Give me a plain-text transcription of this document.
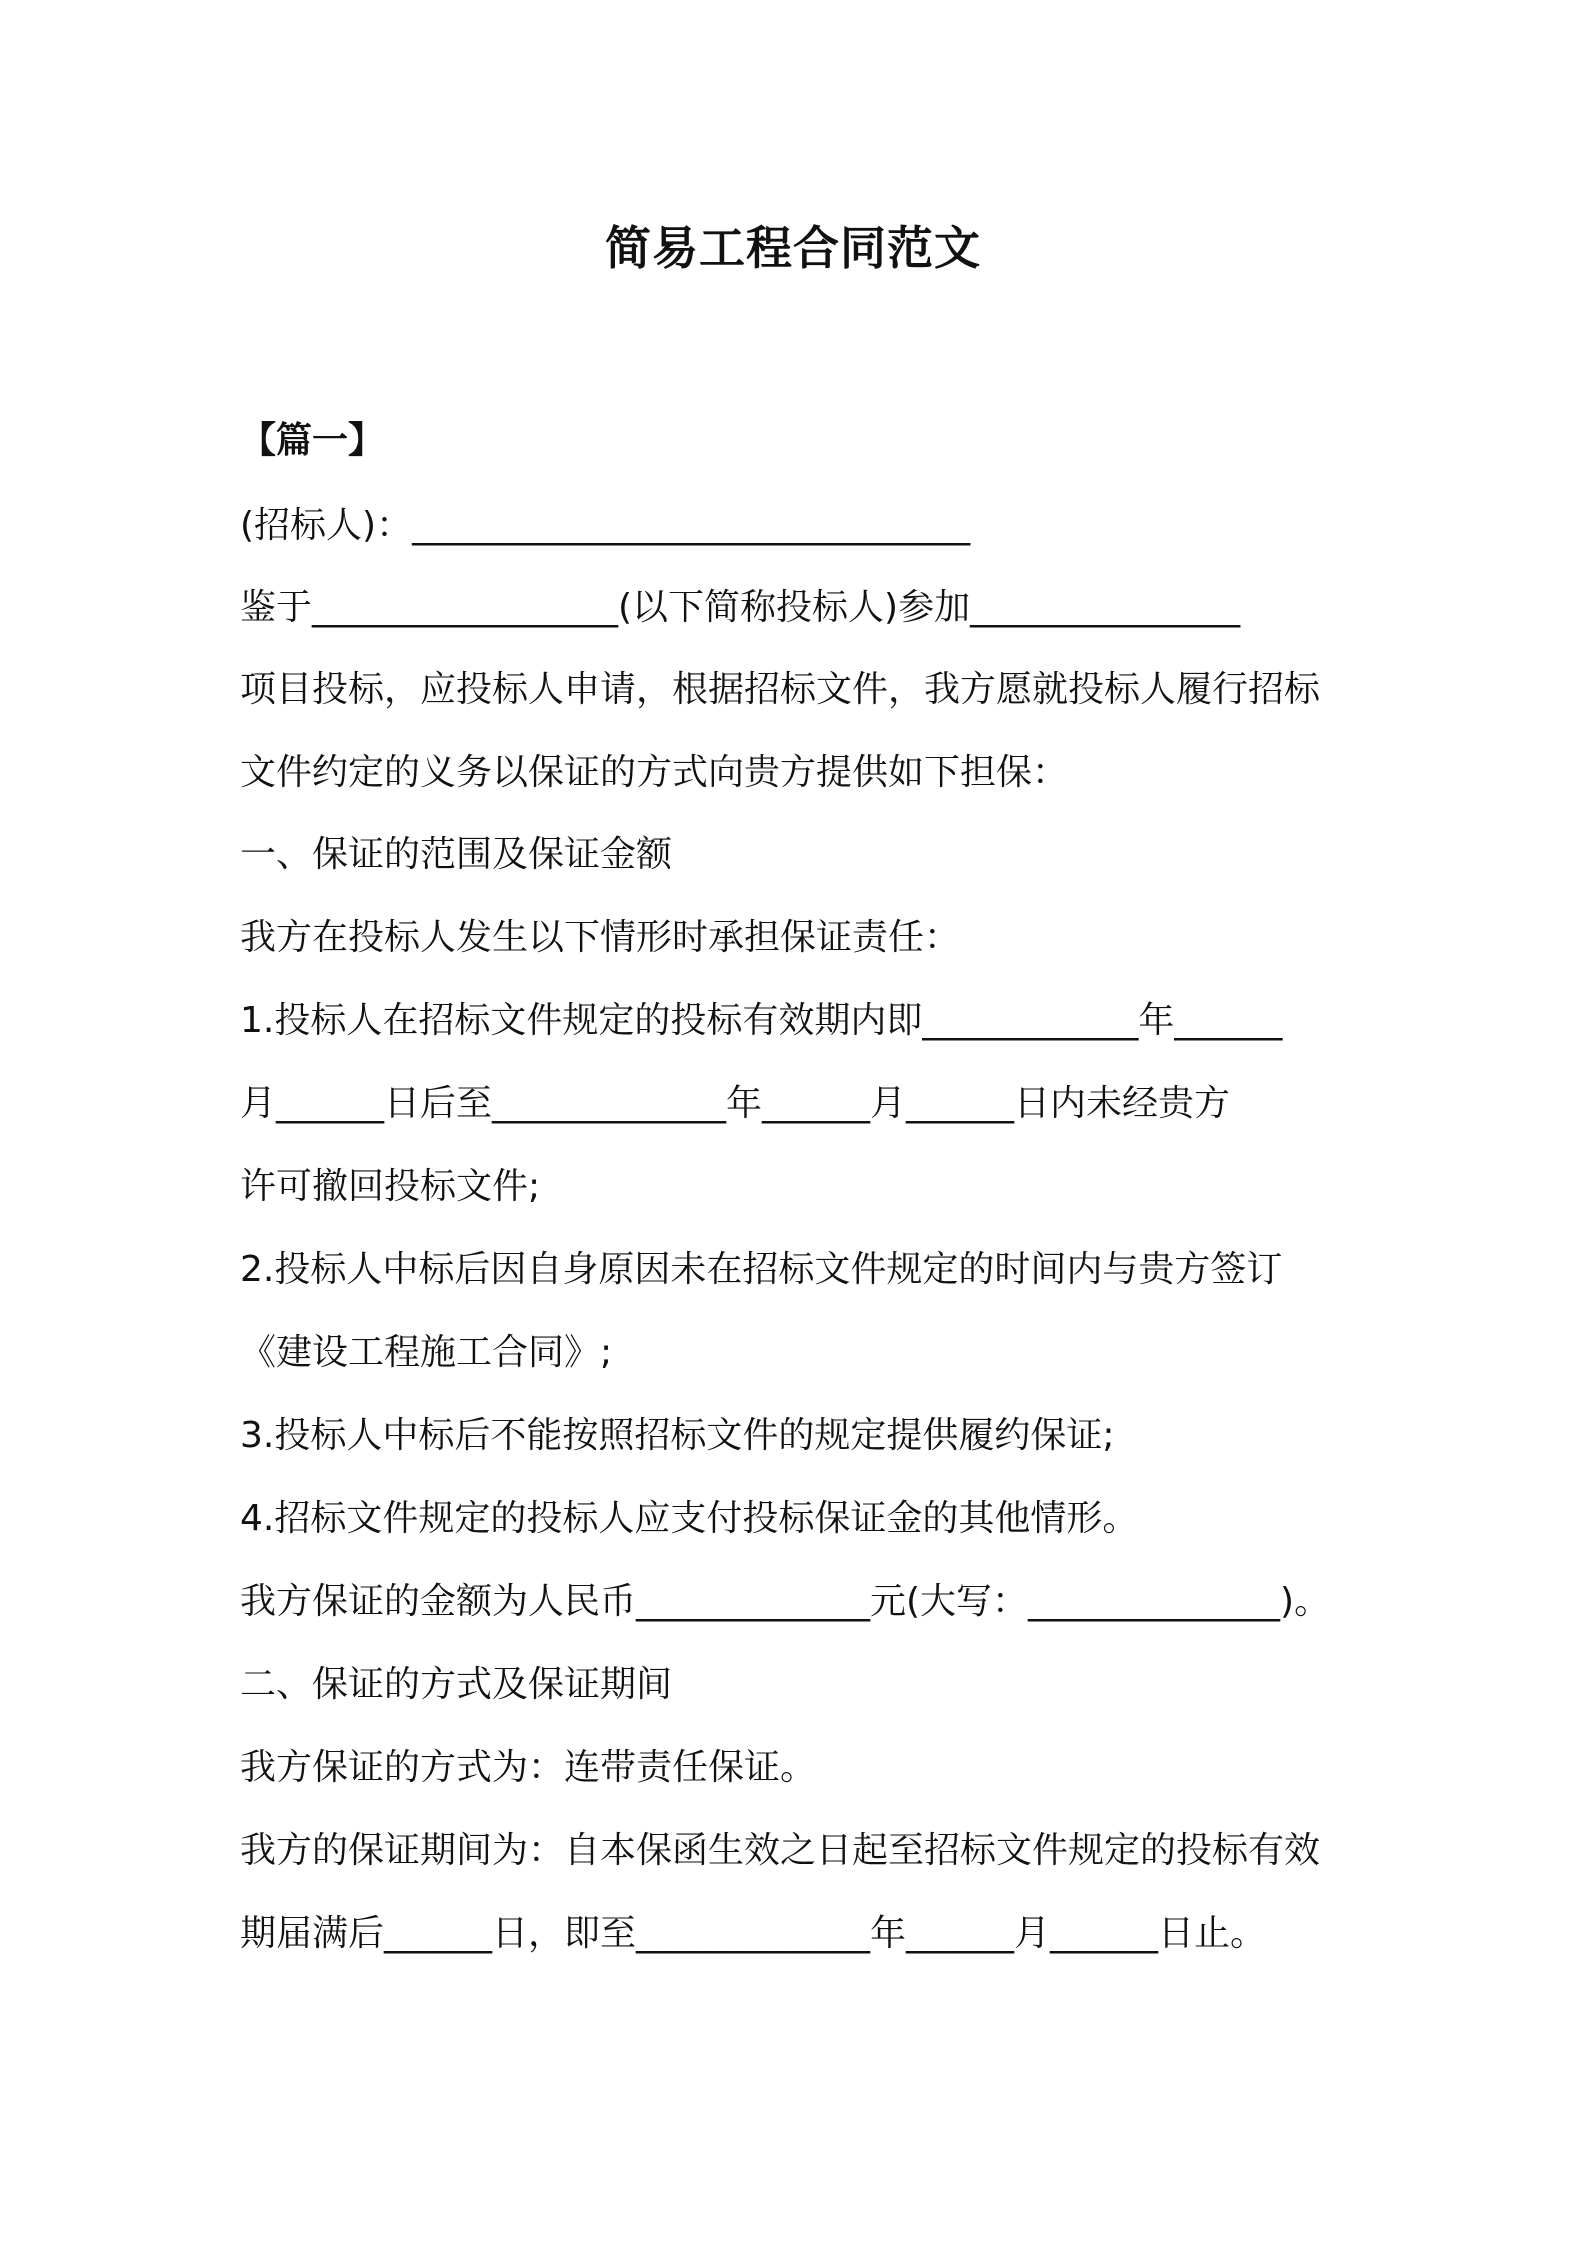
简易工程合同范文
【篇一】
(招标人)：_______________________________
鉴于_________________(以下简称投标人)参加_______________
项目投标，应投标人申请，根据招标文件，我方愿就投标人履行招标
文件约定的义务以保证的方式向贵方提供如下担保：
一、保证的范围及保证金额
我方在投标人发生以下情形时承担保证责任：
1.投标人在招标文件规定的投标有效期内即____________年______
月______日后至_____________年______月______日内未经贵方
许可撤回投标文件;
2.投标人中标后因自身原因未在招标文件规定的时间内与贵方签订
《建设工程施工合同》;
3.投标人中标后不能按照招标文件的规定提供履约保证;
4.招标文件规定的投标人应支付投标保证金的其他情形。
我方保证的金额为人民币_____________元(大写：______________)。
二、保证的方式及保证期间
我方保证的方式为：连带责任保证。
我方的保证期间为：自本保函生效之日起至招标文件规定的投标有效
期届满后______日，即至_____________年______月______日止。
